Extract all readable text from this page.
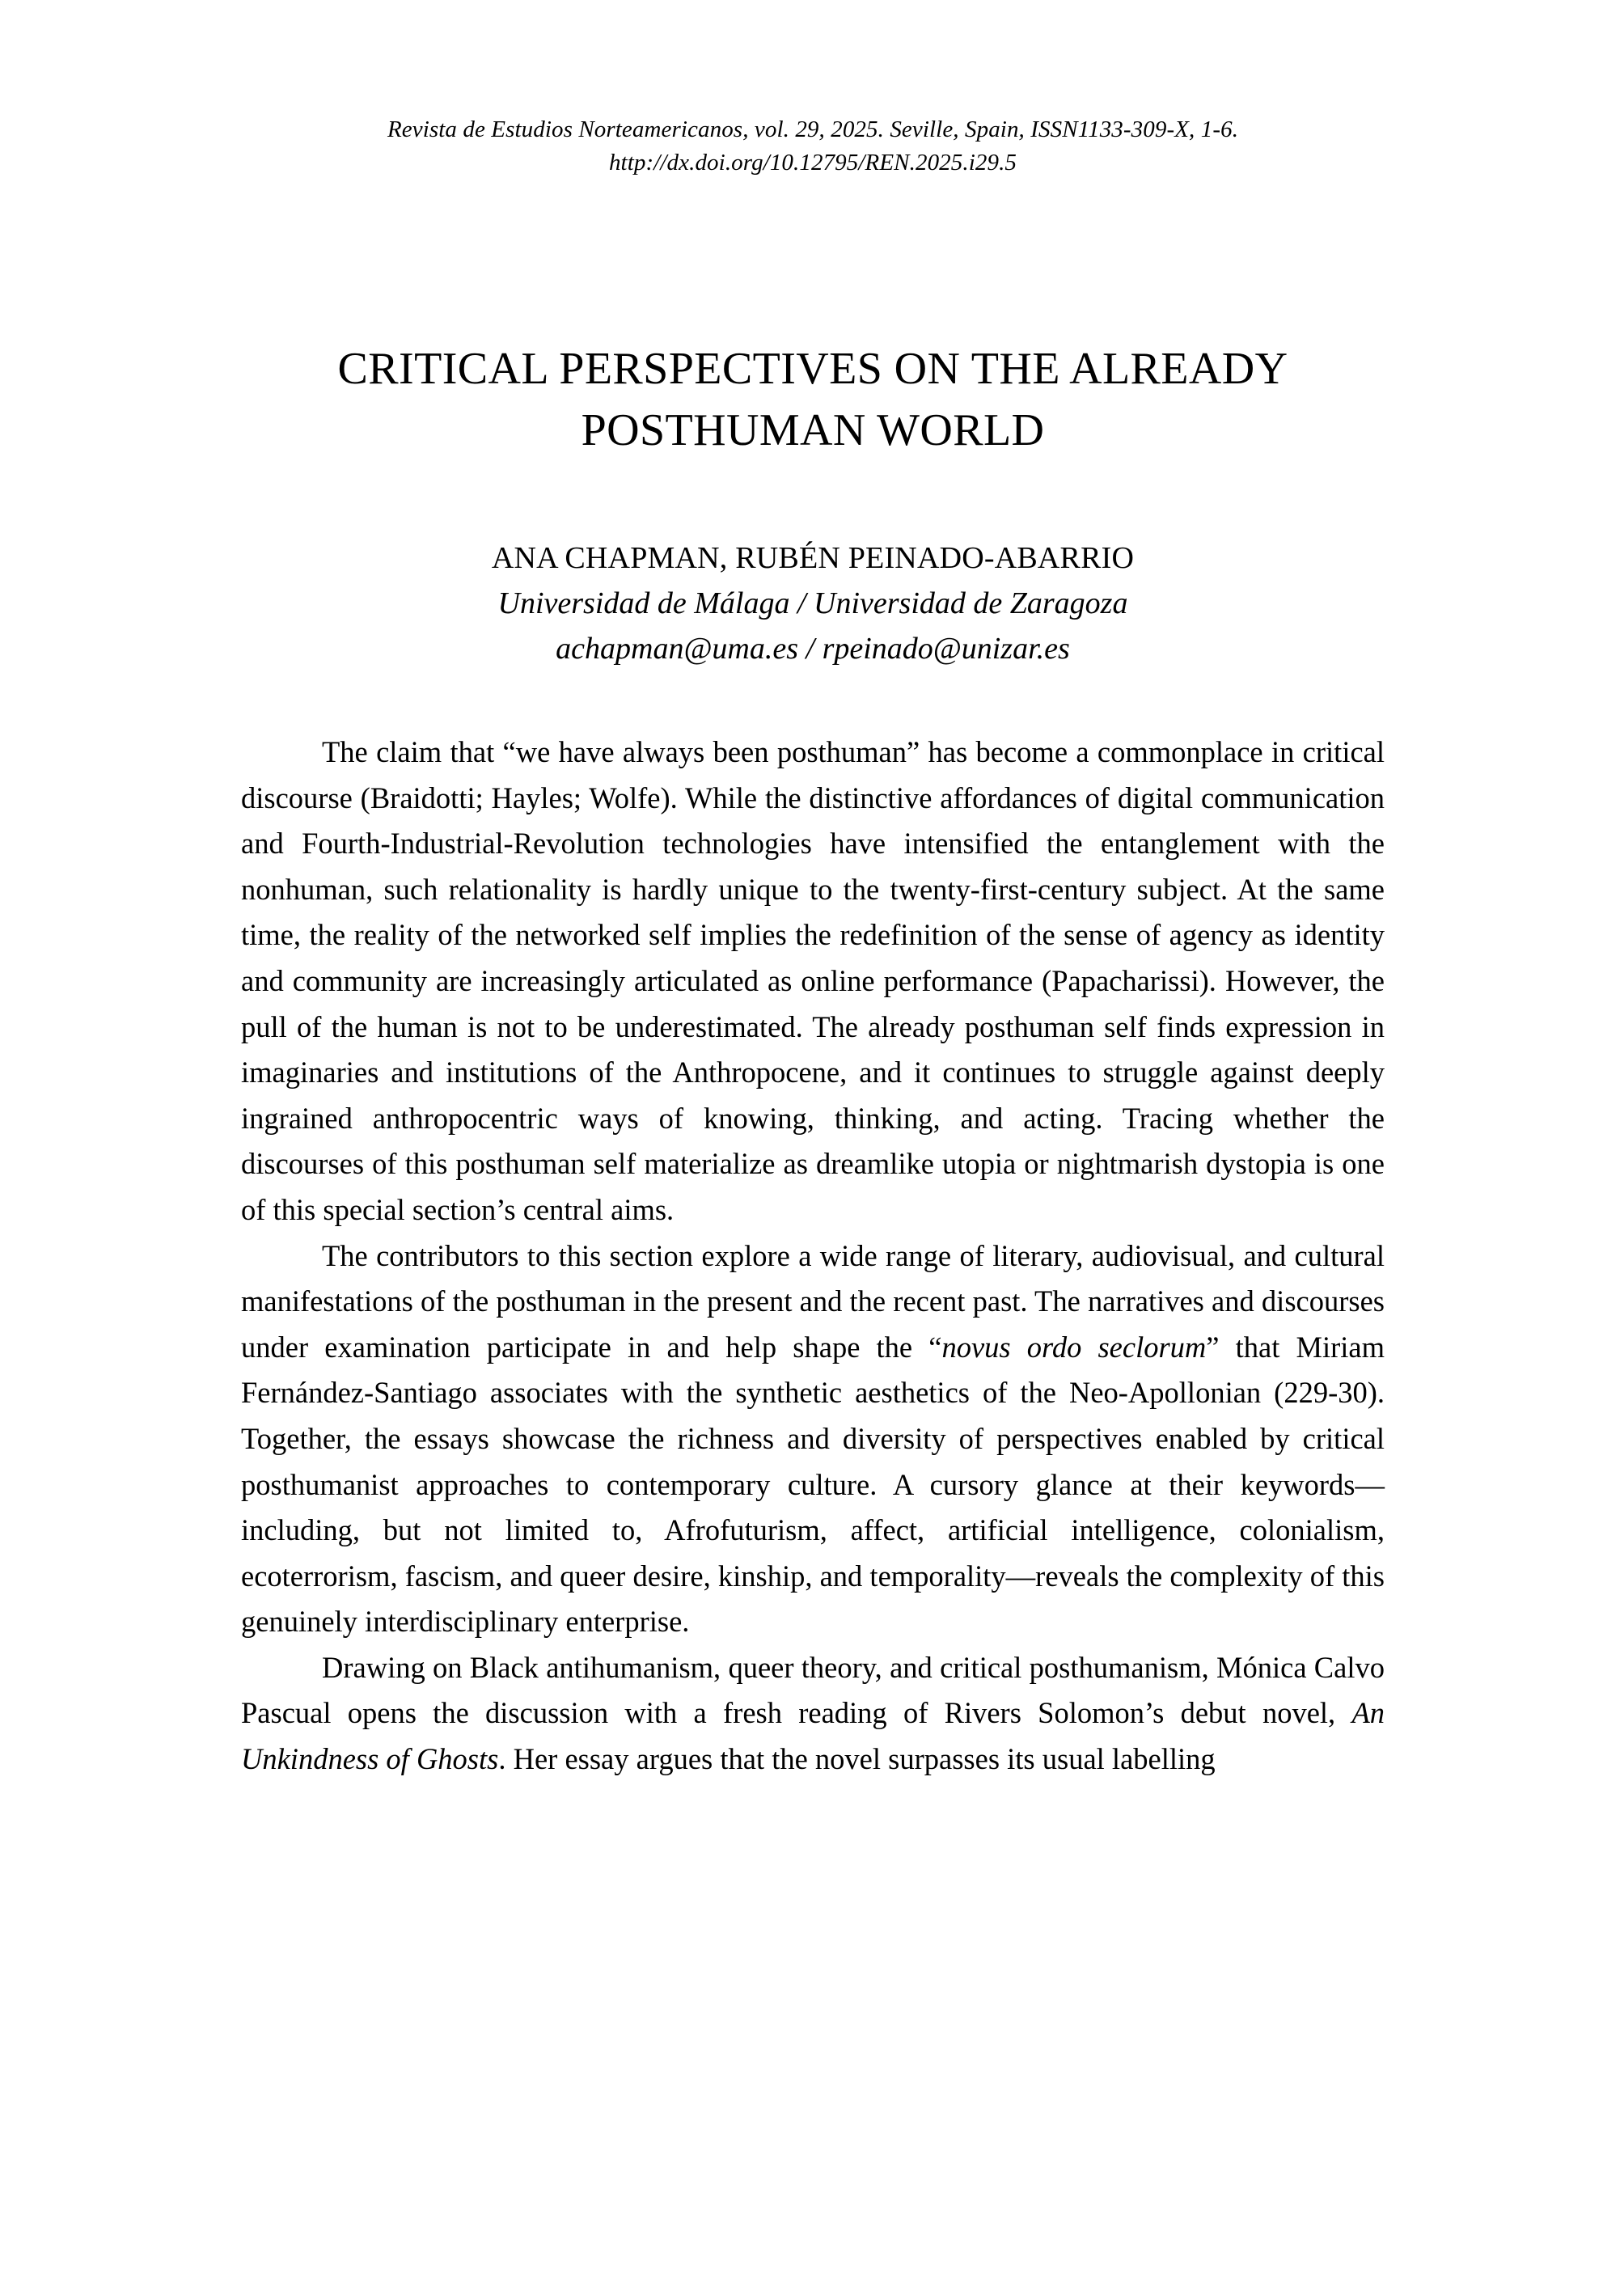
Revista de Estudios Norteamericanos, vol. 29, 2025. Seville, Spain, ISSN1133-309-X, 1-6.
http://dx.doi.org/10.12795/REN.2025.i29.5
CRITICAL PERSPECTIVES ON THE ALREADY
POSTHUMAN WORLD
ANA CHAPMAN, RUBÉN PEINADO-ABARRIO
Universidad de Málaga / Universidad de Zaragoza
achapman@uma.es / rpeinado@unizar.es

The claim that “we have always been posthuman” has become a commonplace in critical discourse (Braidotti; Hayles; Wolfe). While the distinctive affordances of digital communication and Fourth-Industrial-Revolution technologies have intensified the entanglement with the nonhuman, such relationality is hardly unique to the twenty-first-century subject. At the same time, the reality of the networked self implies the redefinition of the sense of agency as identity and community are increasingly articulated as online performance (Papacharissi). However, the pull of the human is not to be underestimated. The already posthuman self finds expression in imaginaries and institutions of the Anthropocene, and it continues to struggle against deeply ingrained anthropocentric ways of knowing, thinking, and acting. Tracing whether the discourses of this posthuman self materialize as dreamlike utopia or nightmarish dystopia is one of this special section’s central aims.

The contributors to this section explore a wide range of literary, audiovisual, and cultural manifestations of the posthuman in the present and the recent past. The narratives and discourses under examination participate in and help shape the “novus ordo seclorum” that Miriam Fernández-Santiago associates with the synthetic aesthetics of the Neo-Apollonian (229-30). Together, the essays showcase the richness and diversity of perspectives enabled by critical posthumanist approaches to contemporary culture. A cursory glance at their keywords—including, but not limited to, Afrofuturism, affect, artificial intelligence, colonialism, ecoterrorism, fascism, and queer desire, kinship, and temporality—reveals the complexity of this genuinely interdisciplinary enterprise.

Drawing on Black antihumanism, queer theory, and critical posthumanism, Mónica Calvo Pascual opens the discussion with a fresh reading of Rivers Solomon’s debut novel, An Unkindness of Ghosts. Her essay argues that the novel surpasses its usual labelling
